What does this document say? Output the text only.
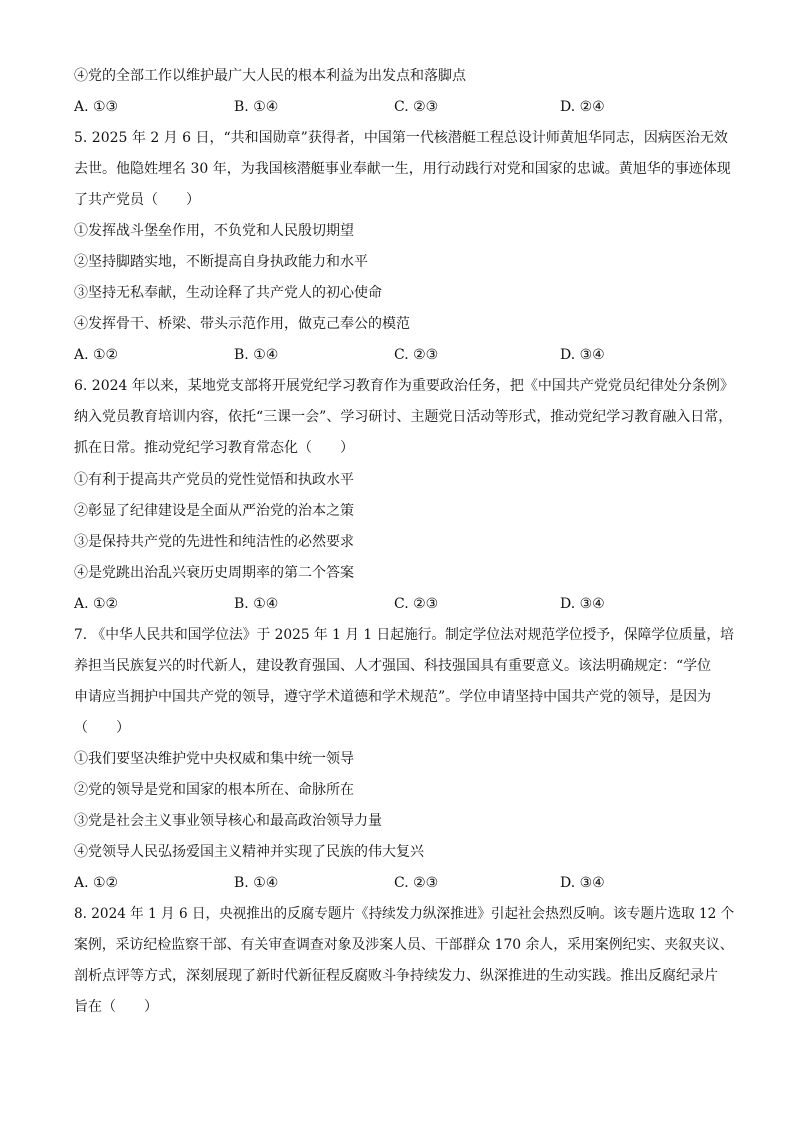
④党的全部工作以维护最广大人民的根本利益为出发点和落脚点
A. ①③	B. ①④	C. ②③	D. ②④
5. 2025 年 2 月 6 日，“共和国勋章”获得者，中国第一代核潜艇工程总设计师黄旭华同志，因病医治无效
去世。他隐姓埋名 30 年，为我国核潜艇事业奉献一生，用行动践行对党和国家的忠诚。黄旭华的事迹体现
了共产党员（　　）
①发挥战斗堡垒作用，不负党和人民殷切期望
②坚持脚踏实地，不断提高自身执政能力和水平
③坚持无私奉献，生动诠释了共产党人的初心使命
④发挥骨干、桥梁、带头示范作用，做克己奉公的模范
A. ①②	B. ①④	C. ②③	D. ③④
6. 2024 年以来，某地党支部将开展党纪学习教育作为重要政治任务，把《中国共产党党员纪律处分条例》
纳入党员教育培训内容，依托“三课一会”、学习研讨、主题党日活动等形式，推动党纪学习教育融入日常，
抓在日常。推动党纪学习教育常态化（　　）
①有利于提高共产党员的党性觉悟和执政水平
②彰显了纪律建设是全面从严治党的治本之策
③是保持共产党的先进性和纯洁性的必然要求
④是党跳出治乱兴衰历史周期率的第二个答案
A. ①②	B. ①④	C. ②③	D. ③④
7. 《中华人民共和国学位法》于 2025 年 1 月 1 日起施行。制定学位法对规范学位授予，保障学位质量，培
养担当民族复兴的时代新人，建设教育强国、人才强国、科技强国具有重要意义。该法明确规定：“学位
申请应当拥护中国共产党的领导，遵守学术道德和学术规范”。学位申请坚持中国共产党的领导，是因为
（　　）
①我们要坚决维护党中央权威和集中统一领导
②党的领导是党和国家的根本所在、命脉所在
③党是社会主义事业领导核心和最高政治领导力量
④党领导人民弘扬爱国主义精神并实现了民族的伟大复兴
A. ①②	B. ①④	C. ②③	D. ③④
8. 2024 年 1 月 6 日，央视推出的反腐专题片《持续发力纵深推进》引起社会热烈反响。该专题片选取 12 个
案例，采访纪检监察干部、有关审查调查对象及涉案人员、干部群众 170 余人，采用案例纪实、夹叙夹议、
剖析点评等方式，深刻展现了新时代新征程反腐败斗争持续发力、纵深推进的生动实践。推出反腐纪录片
旨在（　　）
